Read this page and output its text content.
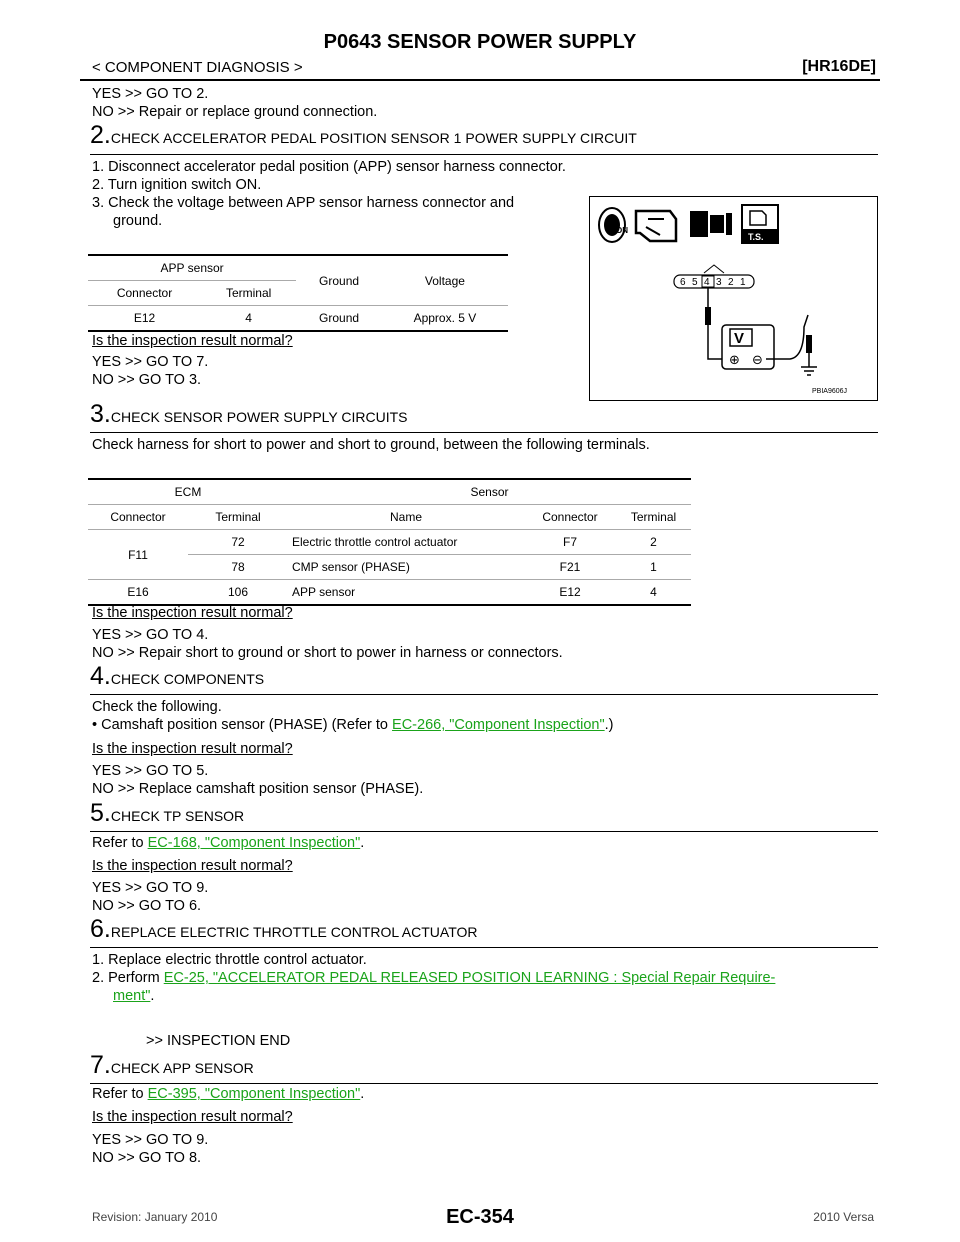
P0643 SENSOR POWER SUPPLY
< COMPONENT DIAGNOSIS >	[HR16DE]
YES >> GO TO 2.
NO >> Repair or replace ground connection.
2.CHECK ACCELERATOR PEDAL POSITION SENSOR 1 POWER SUPPLY CIRCUIT
1. Disconnect accelerator pedal position (APP) sensor harness connector.
2. Turn ignition switch ON.
3. Check the voltage between APP sensor harness connector and
ground.
APP sensor		Ground	Voltage
Connector	Terminal		
E12	4	Ground	Approx. 5 V
Is the inspection result normal?
YES >> GO TO 7.
NO >> GO TO 3.
ON
T.S.
6 5 4 3 2 1
V
⊕ ⊖
PBIA9606J
3.CHECK SENSOR POWER SUPPLY CIRCUITS
Check harness for short to power and short to ground, between the following terminals.
ECM		Sensor		
Connector	Terminal	Name	Connector	Terminal
F11	72	Electric throttle control actuator	F7	2
	78	CMP sensor (PHASE)	F21	1
E16	106	APP sensor	E12	4
Is the inspection result normal?
YES >> GO TO 4.
NO >> Repair short to ground or short to power in harness or connectors.
4.CHECK COMPONENTS
Check the following.
• Camshaft position sensor (PHASE) (Refer to EC-266, "Component Inspection".)
Is the inspection result normal?
YES >> GO TO 5.
NO >> Replace camshaft position sensor (PHASE).
5.CHECK TP SENSOR
Refer to EC-168, "Component Inspection".
Is the inspection result normal?
YES >> GO TO 9.
NO >> GO TO 6.
6.REPLACE ELECTRIC THROTTLE CONTROL ACTUATOR
1. Replace electric throttle control actuator.
2. Perform EC-25, "ACCELERATOR PEDAL RELEASED POSITION LEARNING : Special Repair Require-
ment".
>> INSPECTION END
7.CHECK APP SENSOR
Refer to EC-395, "Component Inspection".
Is the inspection result normal?
YES >> GO TO 9.
NO >> GO TO 8.
Revision: January 2010	EC-354	2010 Versa
